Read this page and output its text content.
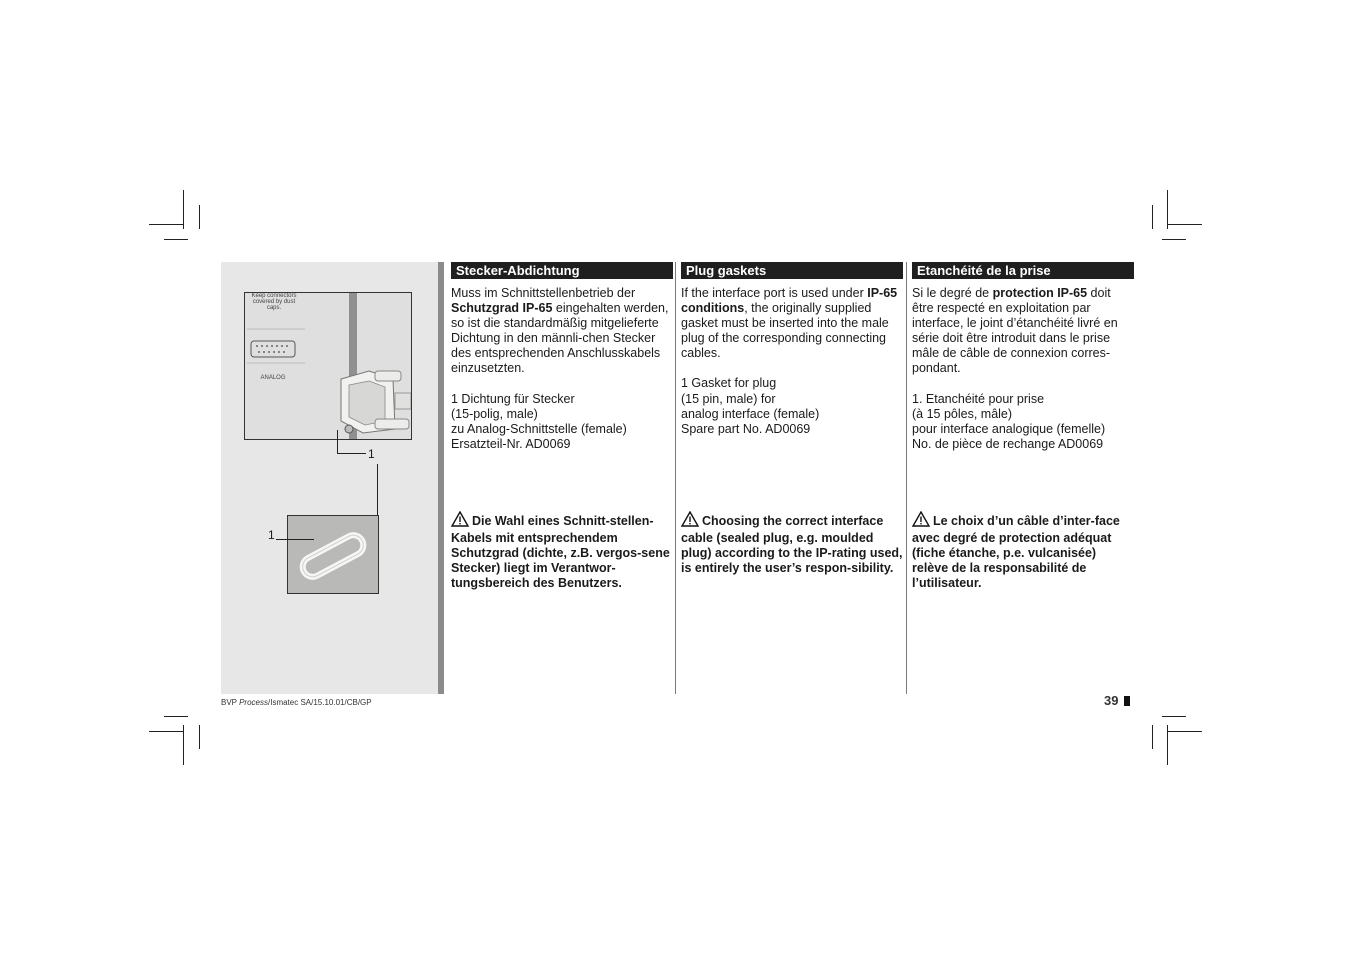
Keep connectors covered by dust caps.
ANALOG
1
1
Stecker-Abdichtung

Muss im Schnittstellenbetrieb der Schutzgrad IP-65 eingehalten werden, so ist die standardmäßig mitgelieferte Dichtung in den männli-chen Stecker des entsprechenden Anschlusskabels einzusetzten.

1 Dichtung für Stecker
(15-polig, male)
zu Analog-Schnittstelle (female)
Ersatzteil-Nr. AD0069
Die Wahl eines Schnitt-stellen-Kabels mit entsprechendem Schutzgrad (dichte, z.B. vergos-sene Stecker) liegt im Verantwor-tungsbereich des Benutzers.
Plug gaskets

If the interface port is used under IP-65 conditions, the originally supplied gasket must be inserted into the male plug of the corresponding connecting cables.

1 Gasket for plug
(15 pin, male) for
analog interface (female)
Spare part No. AD0069
Choosing the correct interface cable (sealed plug, e.g. moulded plug) according to the IP-rating used, is entirely the user’s respon-sibility.
Etanchéité de la prise

Si le degré de protection IP-65 doit être respecté en exploitation par interface, le joint d’étanchéité livré en série doit être introduit dans le prise mâle de câble de connexion corres-pondant.

1. Etanchéité pour prise
(à 15 pôles, mâle)
pour interface analogique (femelle)
No. de pièce de rechange AD0069
Le choix d’un câble d’inter-face avec degré de protection adéquat (fiche étanche, p.e. vulcanisée) relève de la responsabilité de l’utilisateur.
BVP Process/Ismatec SA/15.10.01/CB/GP	39
